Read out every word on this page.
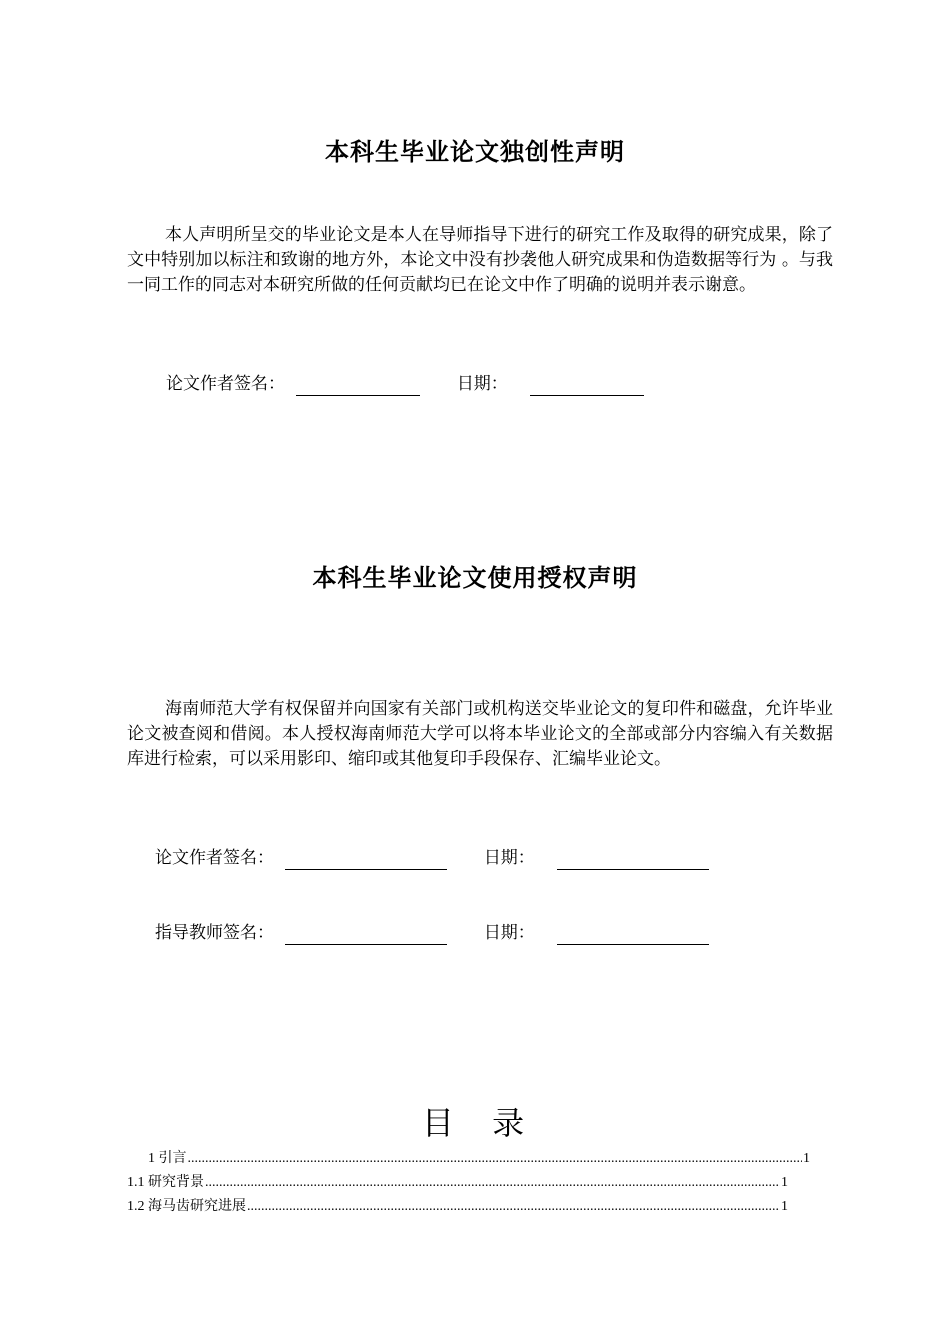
本科生毕业论文独创性声明
本人声明所呈交的毕业论文是本人在导师指导下进行的研究工作及取得的研究成果，除了文中特别加以标注和致谢的地方外，本论文中没有抄袭他人研究成果和伪造数据等行为 。与我一同工作的同志对本研究所做的任何贡献均已在论文中作了明确的说明并表示谢意。
论文作者签名：	日期：
本科生毕业论文使用授权声明
海南师范大学有权保留并向国家有关部门或机构送交毕业论文的复印件和磁盘，允许毕业论文被查阅和借阅。本人授权海南师范大学可以将本毕业论文的全部或部分内容编入有关数据库进行检索，可以采用影印、缩印或其他复印手段保存、汇编毕业论文。
论文作者签名：	日期：
指导教师签名：	日期：
目 录
1 引言 .....	1
1.1 研究背景 .....	1
1.2 海马齿研究进展 .....	1
